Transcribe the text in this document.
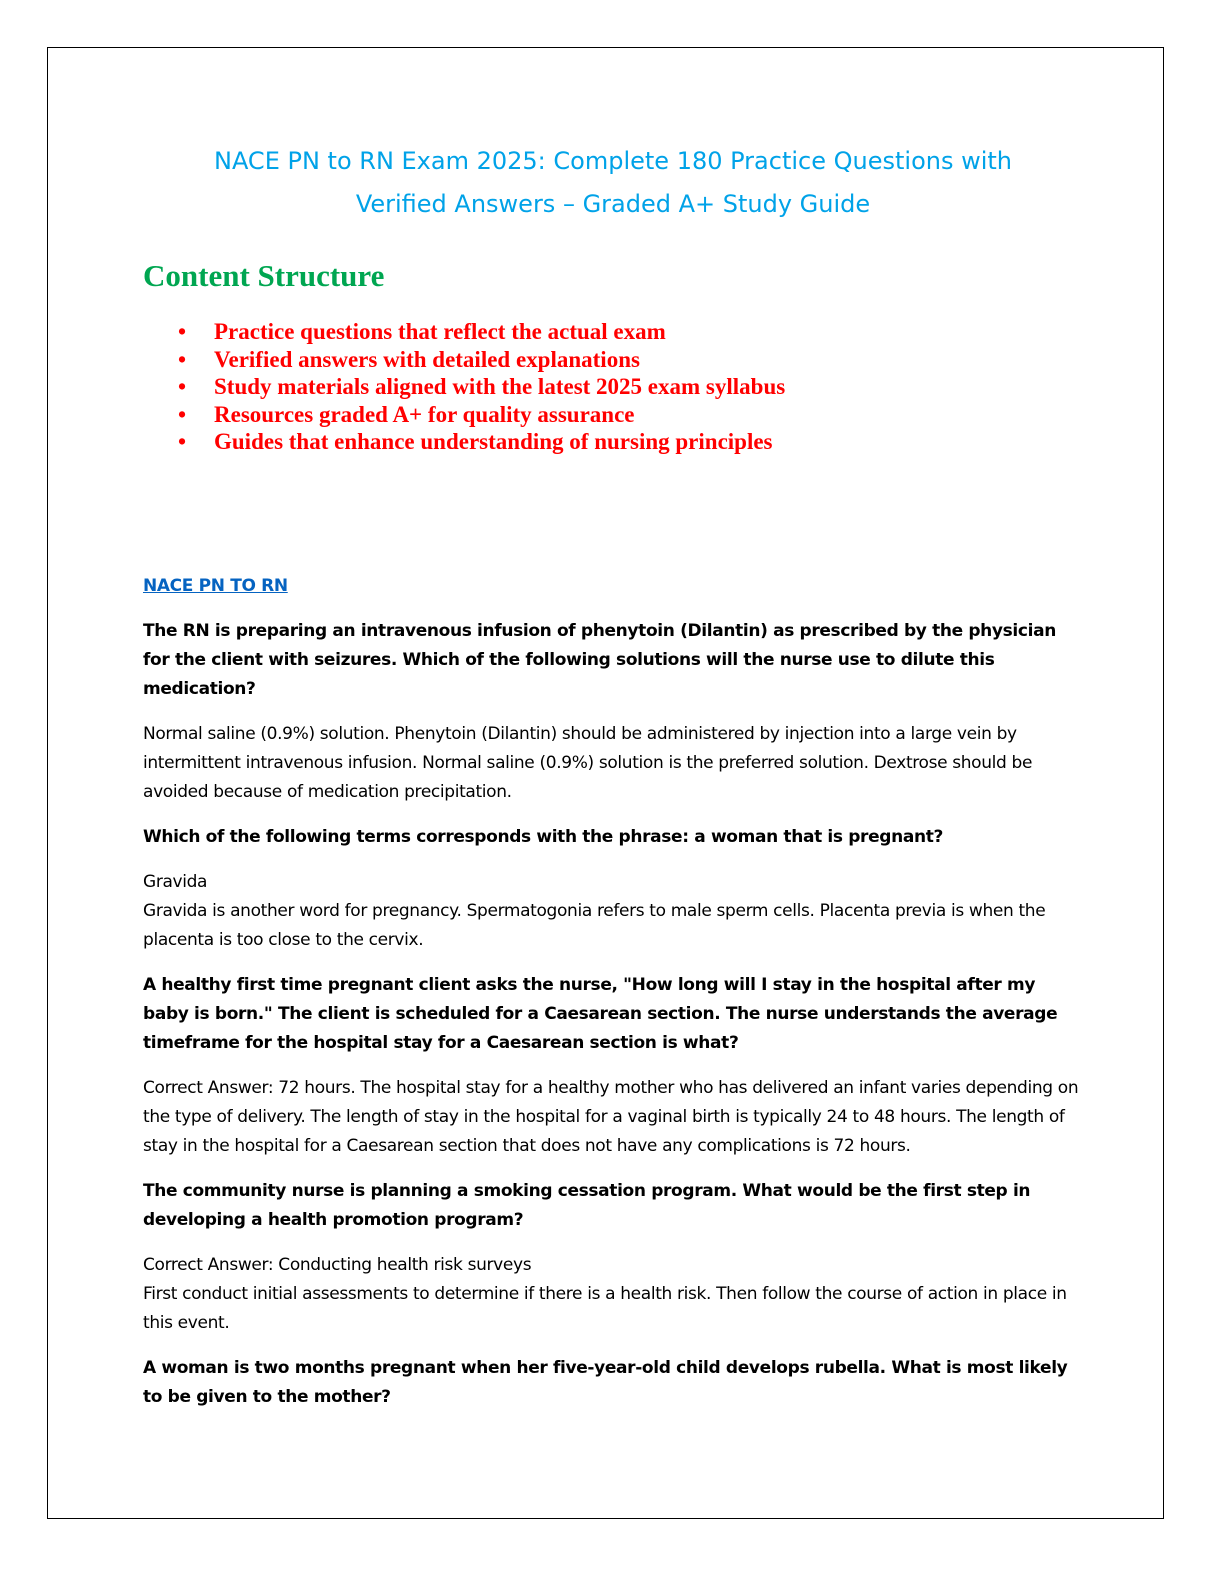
NACE PN to RN Exam 2025: Complete 180 Practice Questions with
Verified Answers – Graded A+ Study Guide
Content Structure
• Practice questions that reflect the actual exam
• Verified answers with detailed explanations
• Study materials aligned with the latest 2025 exam syllabus
• Resources graded A+ for quality assurance
• Guides that enhance understanding of nursing principles

NACE PN TO RN

The RN is preparing an intravenous infusion of phenytoin (Dilantin) as prescribed by the physician for the client with seizures. Which of the following solutions will the nurse use to dilute this medication?

Normal saline (0.9%) solution. Phenytoin (Dilantin) should be administered by injection into a large vein by intermittent intravenous infusion. Normal saline (0.9%) solution is the preferred solution. Dextrose should be avoided because of medication precipitation.

Which of the following terms corresponds with the phrase: a woman that is pregnant?

Gravida
Gravida is another word for pregnancy. Spermatogonia refers to male sperm cells. Placenta previa is when the placenta is too close to the cervix.

A healthy first time pregnant client asks the nurse, "How long will I stay in the hospital after my baby is born." The client is scheduled for a Caesarean section. The nurse understands the average timeframe for the hospital stay for a Caesarean section is what?

Correct Answer: 72 hours. The hospital stay for a healthy mother who has delivered an infant varies depending on the type of delivery. The length of stay in the hospital for a vaginal birth is typically 24 to 48 hours. The length of stay in the hospital for a Caesarean section that does not have any complications is 72 hours.

The community nurse is planning a smoking cessation program. What would be the first step in developing a health promotion program?

Correct Answer: Conducting health risk surveys
First conduct initial assessments to determine if there is a health risk. Then follow the course of action in place in this event.

A woman is two months pregnant when her five-year-old child develops rubella. What is most likely to be given to the mother?
